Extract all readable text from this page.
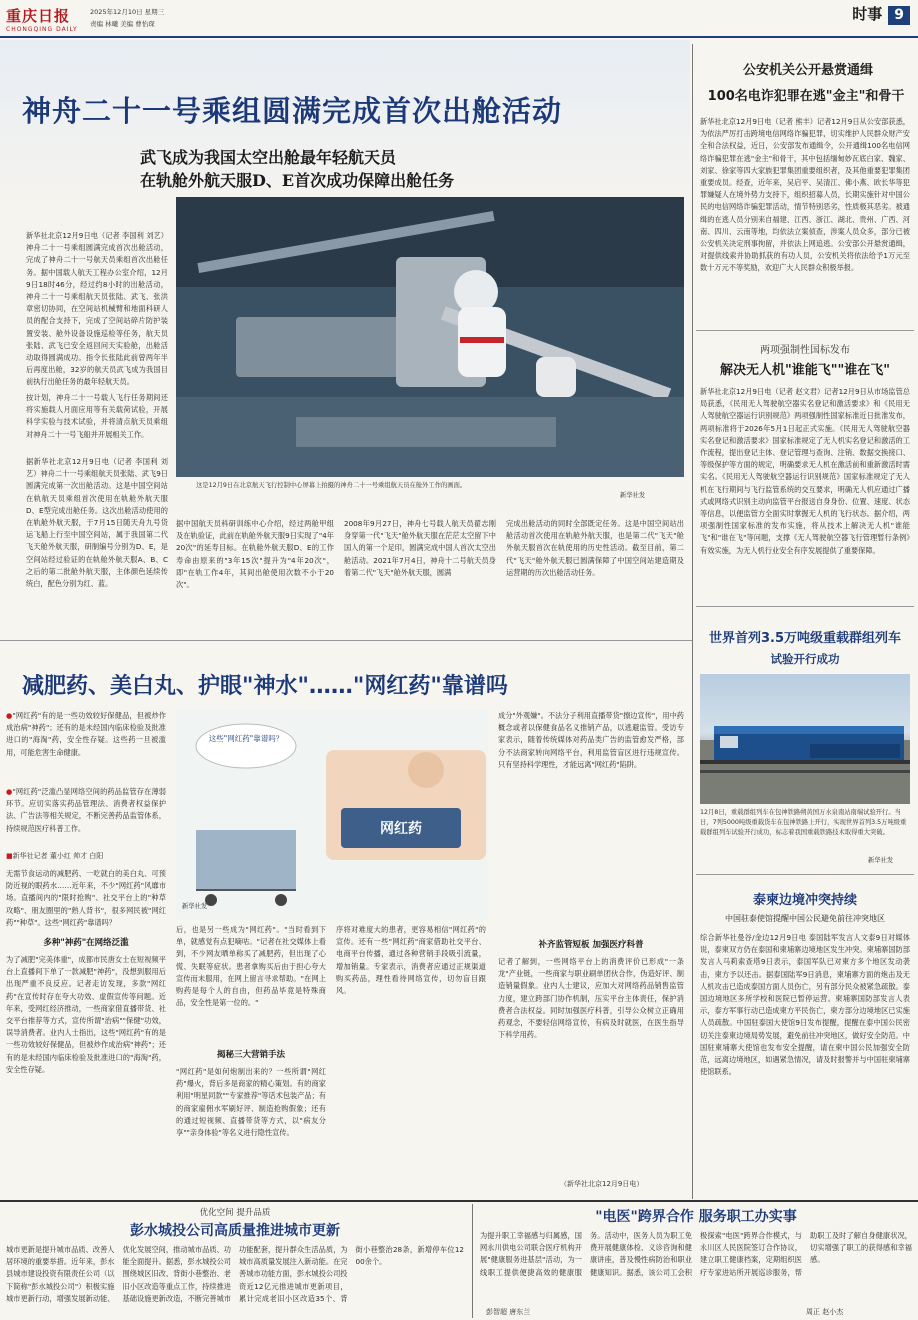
重庆日报
CHONGQING DAILY
2025年12月10日 星期三
责编 林曦 美编 曹怡琛
时事 9
神舟二十一号乘组圆满完成首次出舱活动
武飞成为我国太空出舱最年轻航天员
在轨舱外航天服D、E首次成功保障出舱任务
新华社北京12月9日电（记者 李国利 刘艺）神舟二十一号乘组圆满完成首次出舱活动，完成了神舟二十一号航天员乘组首次出舱任务。据中国载人航天工程办公室介绍，12月9日18时46分，经过约8小时的出舱活动，神舟二十一号乘组航天员张陆、武飞、张洪章密切协同，在空间站机械臂和地面科研人员的配合支持下，完成了空间站碎片防护装置安装、舱外设备设施巡检等任务，航天员张陆、武飞已安全返回问天实验舱，出舱活动取得圆满成功。指令长张陆此前曾两年半后再度出舱，32岁的航天员武飞成为我国目前执行出舱任务的最年轻航天员。
按计划，神舟二十一号载人飞行任务期间还将实施载人月面应用等有关载荷试验，开展科学实验与技术试验，并将清点航天员乘组对神舟二十一号飞船并开展相关工作。
据新华社北京12月9日电（记者 李国利 刘艺）神舟二十一号乘组航天员张陆、武飞9日圆满完成第一次出舱活动。这是中国空间站在轨航天员乘组首次使用在轨舱外航天服D、E型完成出舱任务。这次出舱活动使用的在轨舱外航天服，于7月15日随天舟九号货运飞船上行至中国空间站，属于我国第二代飞天舱外航天服，研制编号分别为D、E，是空间站经过验证的在轨舱外航天服A、B、C之后的第二批舱外航天服，主体颜色延续传统白，配色分别为红、蓝。
这是12月9日在北京航天飞行控制中心屏幕上拍摄的神舟二十一号乘组航天员在舱外工作的画面。
新华社发
据中国航天员科研训练中心介绍，经过两舱甲组及在轨验证，此前在轨舱外航天服9日实现了"4年20次"的延寿目标。在轨舱外航天服D、E的工作寿命由原来的"3年15次"提升为"4年20次"，即"在轨工作4年，其间出舱使用次数不小于20次"。
2008年9月27日，神舟七号载人航天员翟志刚身穿第一代"飞天"舱外航天服在茫茫太空留下中国人的第一个足印，圆满完成中国人首次太空出舱活动。2021年7月4日，神舟十二号航天员身着第二代"飞天"舱外航天服，圆满
完成出舱活动的同时全部既定任务。这是中国空间站出舱活动首次使用在轨舱外航天服，也是第二代"飞天"舱外航天服首次在轨使用的历史性活动。截至目前，第二代"飞天"舱外航天服已圆满保障了中国空间站建造期及运营期的历次出舱活动任务。
公安机关公开悬赏通缉
100名电诈犯罪在逃"金主"和骨干
新华社北京12月9日电（记者 熊丰）记者12月9日从公安部获悉，为依法严厉打击跨境电信网络诈骗犯罪，切实维护人民群众财产安全和合法权益，近日，公安部发布通缉令，公开通缉100名电信网络诈骗犯罪在逃"金主"和骨干，其中包括缅甸妙瓦底白家、魏家、刘家、徐家等四大家族犯罪集团重要组织者，及其他重要犯罪集团重要成员。经查，近年来，吴启平、吴清江、佛小燕、欧长华等犯罪嫌疑人在境外势力支持下，组织招募人员，长期实施针对中国公民的电信网络诈骗犯罪活动，情节特别恶劣，性质极其恶劣。被通缉的在逃人员分别来自福建、江西、浙江、湖北、贵州、广西、河南、四川、云南等地，均依法立案侦查，涉案人员众多，部分已被公安机关决定刑事拘留，并依法上网追逃。公安部公开悬赏通缉，对提供线索并协助抓获的有功人员，公安机关将依法给予1万元至数十万元不等奖励，欢迎广大人民群众积极举报。
两项强制性国标发布
解决无人机"谁能飞""谁在飞"
新华社北京12月9日电（记者 赵文君）记者12月9日从市场监管总局获悉，《民用无人驾驶航空器实名登记和激活要求》和《民用无人驾驶航空器运行识别规范》两项强制性国家标准近日批准发布，两项标准将于2026年5月1日起正式实施。《民用无人驾驶航空器实名登记和激活要求》国家标准规定了无人机实名登记和激活的工作流程，提出登记主体、登记管理与查询、注销、数据交换接口、等级保护等方面的规定，明确要求无人机在激活前和重新激活时需实名。《民用无人驾驶航空器运行识别规范》国家标准规定了无人机在飞行期间与飞行监管系统的交互要求，明确无人机应通过广播式或网络式识别主动向监管平台报送自身身份、位置、速度、状态等信息，以便监管方全面实时掌握无人机的飞行状态。据介绍，两项强制性国家标准的发布实施，将从技术上解决无人机"谁能飞"和"谁在飞"等问题，支撑《无人驾驶航空器飞行管理暂行条例》有效实施，为无人机行业安全有序发展提供了重要保障。
世界首列3.5万吨级重载群组列车
试验开行成功
12月8日，重载群组列车在包神铁路朔黄国万水泉南站南端试验开行。当日，7列5000吨级重载货车在包神铁路上开行，实现世界首列3.5万吨级重载群组列车试验开行成功，标志着我国重载铁路技术取得重大突破。
新华社发
泰柬边境冲突持续
中国驻泰使馆提醒中国公民避免前往冲突地区
综合新华社曼谷/金边12月9日电 泰国陆军发言人文泰9日对媒体说，泰柬双方仍在泰国和柬埔寨边境地区发生冲突。柬埔寨国防部发言人马莉索查塔9日表示，泰国军队已对柬方多个地区发动袭击，柬方予以还击。据泰国陆军9日消息，柬埔寨方面的炮击及无人机攻击已造成泰国方面人员伤亡，另有部分民众被紧急疏散。泰国边境地区多所学校和医院已暂停运营。柬埔寨国防部发言人表示，泰方军事行动已造成柬方平民伤亡，柬方部分边境地区已实施人员疏散。中国驻泰国大使馆9日发布提醒，提醒在泰中国公民密切关注泰柬边境局势发展，避免前往冲突地区，做好安全防范。中国驻柬埔寨大使馆也发布安全提醒，请在柬中国公民加强安全防范，远离边境地区，如遇紧急情况，请及时报警并与中国驻柬埔寨使馆联系。
减肥药、美白丸、护眼"神水"……"网红药"靠谱吗
●"网红药"有的是一些功效较好保健品，但被炒作成治病"神药"；还有的是未经国内临床检验及批准进口的"海淘"药，安全性存疑。这些药一旦被滥用，可能危害生命健康。
●"网红药"泛滥凸显网络空间的药品监管存在薄弱环节。应切实落实药品管理法、消费者权益保护法、广告法等相关规定，不断完善药品监管体系，持续规范医疗科普工作。
■新华社记者 董小红 帅才 白阳
无需节食运动的减肥药、一吃就白的美白丸、可预防近视的眼药水……近年来，不少"网红药"风靡市场。直播间内的"限时抢购"、社交平台上的"种草攻略"、朋友圈里的"熟人背书"，很多网民被"网红药""种草"。这些"网红药"靠谱吗？
多种"神药"在网络泛滥
为了减肥"完美体重"，成都市民唐女士在短视频平台上直播间下单了一款减肥"神药"，没想到服用后出现严重不良反应。记者走访发现，多款"网红药"在宣传时存在夸大功效、虚假宣传等问题。近年来，受网红经济推动，一些商家借直播带货、社交平台推荐等方式，宣传所谓"治病""保健"功效，误导消费者。业内人士指出，这些"网红药"有的是一些功效较好保健品，但被炒作成治病"神药"；还有的是未经国内临床检验及批准进口的"海淘"药，安全性存疑。
这些"网红药"靠谱吗？
网红药
新华社发
后，也是另一些成为"网红药"。"当时看到下单，就感觉有点犯嘀咕。"记者在社交媒体上看到，不少网友晒单称买了减肥药，但出现了心慌、失眠等症状。患者拿购买后由于担心夸大宣传而未服用，在网上留言寻求帮助。"在网上购药是每个人的自由，但药品毕竟是特殊商品，安全性是第一位的。"
揭秘三大营销手法
"网红药"是如何炮制出来的？一些所谓"网红药"爆火，背后多是商家的精心策划。有的商家利用"明星同款""专家推荐"等话术包装产品；有的商家雇佣水军刷好评、制造抢购假象；还有的通过短视频、直播带货等方式，以"病友分享""亲身体验"等名义进行隐性宣传。
序将对难度大的患者，更容易相信"网红药"的宣传。还有一些"网红药"商家借助社交平台、电商平台传播，通过各种营销手段吸引流量，增加销量。专家表示，消费者应通过正规渠道购买药品，理性看待网络宣传，切勿盲目跟风。
成分"外观嫌"。不法分子利用直播带货"擦边宣传"，用中药概念或者以保健食品名义推销产品，以逃避监管。受访专家表示，随着传统媒体对药品类广告的监管愈发严格，部分不法商家转向网络平台，利用监管盲区进行违规宣传。只有坚持科学理性，才能远离"网红药"陷阱。
补齐监管短板 加强医疗科普
记者了解到，一些网络平台上的消费评价已形成"一条龙"产业链，一些商家与职业刷单团伙合作，伪造好评、制造销量假象。业内人士建议，应加大对网络药品销售监管力度，建立跨部门协作机制，压实平台主体责任，保护消费者合法权益。同时加强医疗科普，引导公众树立正确用药观念，不要轻信网络宣传，有病及时就医，在医生指导下科学用药。
（新华社北京12月9日电）
优化空间 提升品质
彭水城投公司高质量推进城市更新
城市更新是提升城市品质、改善人居环境的重要举措。近年来，彭水县城市建设投资有限责任公司（以下简称"彭水城投公司"）积极实施城市更新行动，增强发展新动能、优化发展空间，推动城市品质、功能全面提升。据悉，彭水城投公司围绕城区旧改、背街小巷整治、老旧小区改造等重点工作，持续推进基础设施更新改造，不断完善城市功能配套，提升群众生活品质，为城市高质量发展注入新动能。在完善城市功能方面，彭水城投公司投资近12亿元推进城市更新项目，累计完成老旧小区改造35个、背街小巷整治28条，新增停车位1200余个。
"电医"跨界合作 服务职工办实事
为提升职工幸福感与归属感，国网永川供电公司联合医疗机构开展"健康服务进基层"活动，为一线职工提供便捷高效的健康服务。活动中，医务人员为职工免费开展健康体检、义诊咨询和健康讲座，普及慢性病防治和职业健康知识。据悉，该公司工会积极探索"电医"跨界合作模式，与永川区人民医院签订合作协议，建立职工健康档案，定期组织医疗专家进站所开展巡诊服务，帮助职工及时了解自身健康状况，切实增强了职工的获得感和幸福感。
彭智超 唐东兰	周正 赵小杰
